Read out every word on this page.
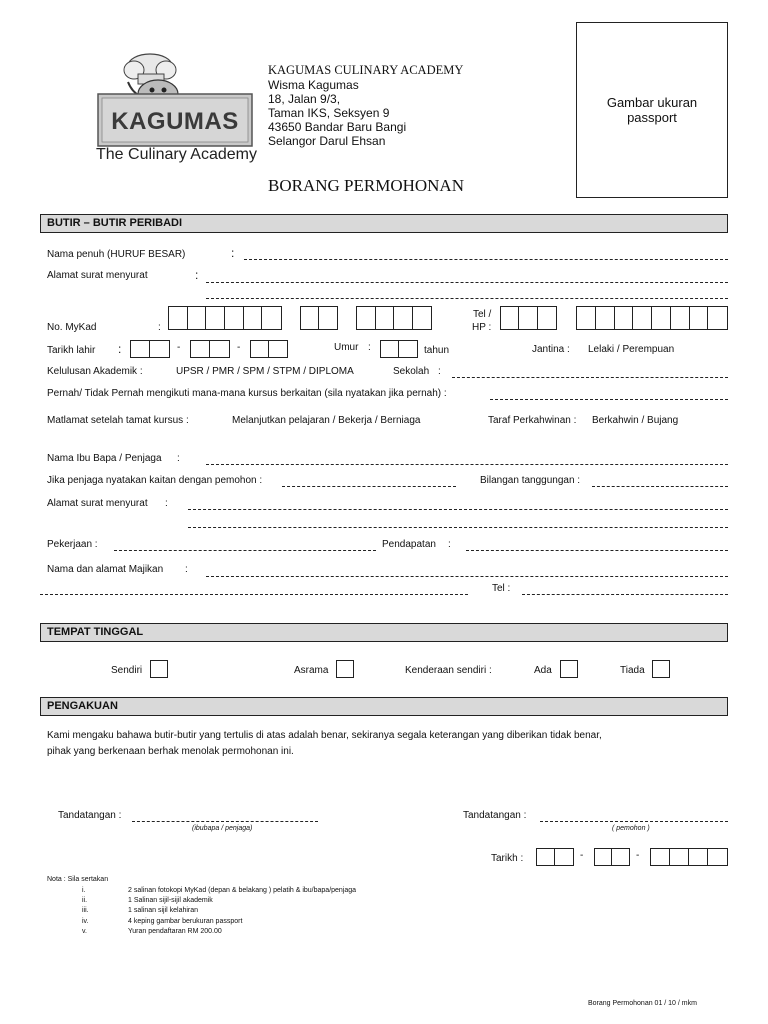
KAGUMAS
The Culinary Academy
KAGUMAS CULINARY ACADEMY
Wisma Kagumas
18, Jalan 9/3,
Taman IKS, Seksyen 9
43650 Bandar Baru Bangi
Selangor Darul Ehsan
BORANG PERMOHONAN
Gambar ukuran
passport
BUTIR – BUTIR PERIBADI
Nama penuh (HURUF BESAR)	:
Alamat surat menyurat	:
No. MyKad	:
Tel /
HP :
Tarikh lahir :	-	-	Umur :	tahun	Jantina : Lelaki / Perempuan
Kelulusan Akademik :	UPSR / PMR / SPM / STPM / DIPLOMA	Sekolah :
Pernah/ Tidak Pernah mengikuti mana-mana kursus berkaitan (sila nyatakan jika pernah) :
Matlamat setelah tamat kursus :	Melanjutkan pelajaran / Bekerja / Berniaga	Taraf Perkahwinan : Berkahwin / Bujang
Nama Ibu Bapa / Penjaga :
Jika penjaga nyatakan kaitan dengan pemohon :	Bilangan tanggungan :
Alamat surat menyurat :
Pekerjaan :	Pendapatan :
Nama dan alamat Majikan :
Tel :
TEMPAT TINGGAL
Sendiri	Asrama	Kenderaan sendiri :	Ada	Tiada
PENGAKUAN
Kami mengaku bahawa butir-butir yang tertulis di atas adalah benar, sekiranya segala keterangan yang diberikan tidak benar,
pihak yang berkenaan berhak menolak permohonan ini.
Tandatangan :
(ibubapa / penjaga)
Tandatangan :
( pemohon )
Tarikh :	-	-
Nota : Sila sertakan
i.	2 salinan fotokopi MyKad (depan & belakang ) pelatih & ibu/bapa/penjaga
ii.	1 Salinan sijil-sijil akademik
iii.	1 salinan sijil kelahiran
iv.	4 keping gambar berukuran passport
v.	Yuran pendaftaran RM 200.00
Borang Permohonan 01 / 10 / mkm
